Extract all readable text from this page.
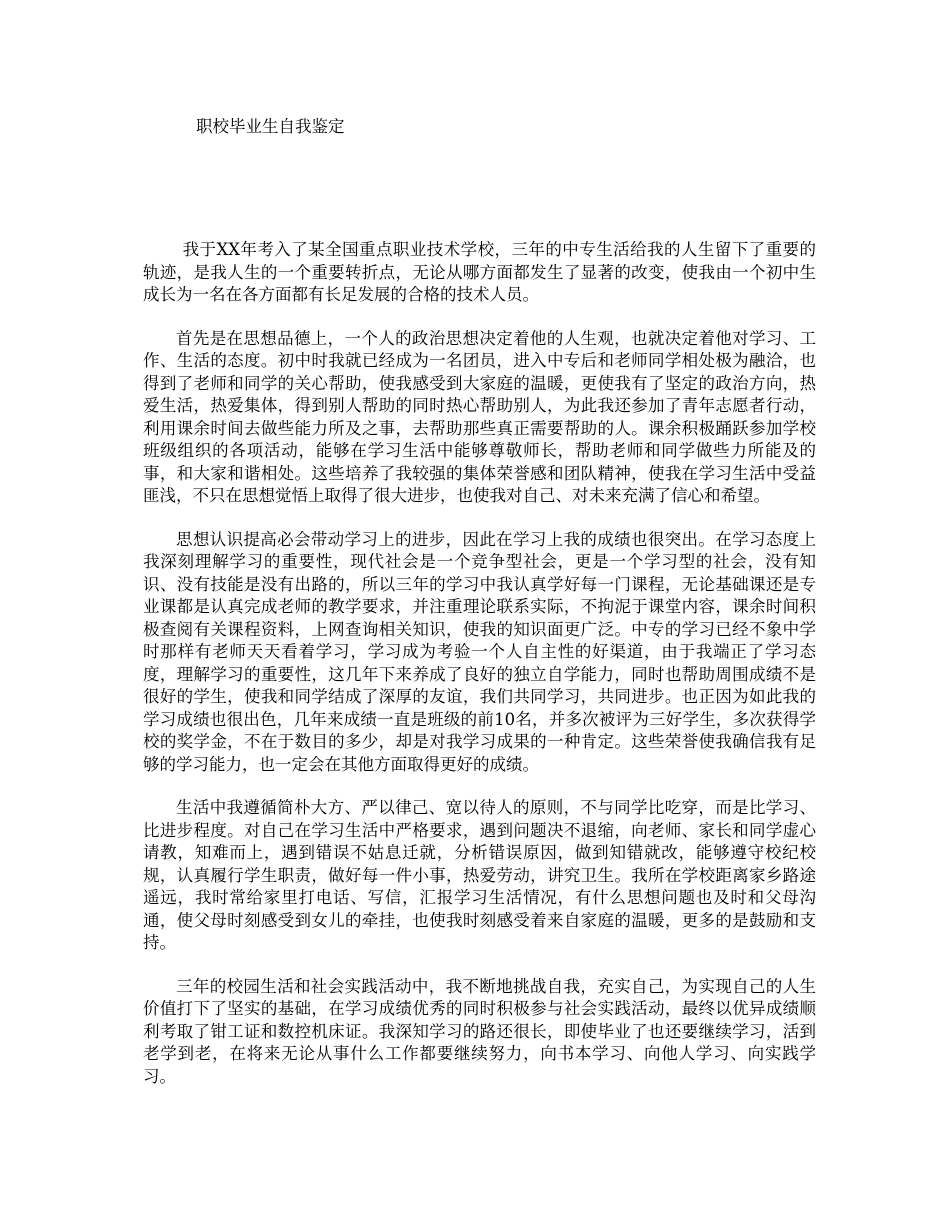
职校毕业生自我鉴定

我于XX年考入了某全国重点职业技术学校，三年的中专生活给我的人生留下了重要的轨迹，是我人生的一个重要转折点，无论从哪方面都发生了显著的改变，使我由一个初中生成长为一名在各方面都有长足发展的合格的技术人员。

首先是在思想品德上，一个人的政治思想决定着他的人生观，也就决定着他对学习、工作、生活的态度。初中时我就已经成为一名团员，进入中专后和老师同学相处极为融洽，也得到了老师和同学的关心帮助，使我感受到大家庭的温暖，更使我有了坚定的政治方向，热爱生活，热爱集体，得到别人帮助的同时热心帮助别人，为此我还参加了青年志愿者行动，利用课余时间去做些能力所及之事，去帮助那些真正需要帮助的人。课余积极踊跃参加学校班级组织的各项活动，能够在学习生活中能够尊敬师长，帮助老师和同学做些力所能及的事，和大家和谐相处。这些培养了我较强的集体荣誉感和团队精神，使我在学习生活中受益匪浅，不只在思想觉悟上取得了很大进步，也使我对自己、对未来充满了信心和希望。

思想认识提高必会带动学习上的进步，因此在学习上我的成绩也很突出。在学习态度上我深刻理解学习的重要性，现代社会是一个竞争型社会，更是一个学习型的社会，没有知识、没有技能是没有出路的，所以三年的学习中我认真学好每一门课程，无论基础课还是专业课都是认真完成老师的教学要求，并注重理论联系实际，不拘泥于课堂内容，课余时间积极查阅有关课程资料，上网查询相关知识，使我的知识面更广泛。中专的学习已经不象中学时那样有老师天天看着学习，学习成为考验一个人自主性的好渠道，由于我端正了学习态度，理解学习的重要性，这几年下来养成了良好的独立自学能力，同时也帮助周围成绩不是很好的学生，使我和同学结成了深厚的友谊，我们共同学习，共同进步。也正因为如此我的学习成绩也很出色，几年来成绩一直是班级的前10名，并多次被评为三好学生，多次获得学校的奖学金，不在于数目的多少，却是对我学习成果的一种肯定。这些荣誉使我确信我有足够的学习能力，也一定会在其他方面取得更好的成绩。

生活中我遵循简朴大方、严以律己、宽以待人的原则，不与同学比吃穿，而是比学习、比进步程度。对自己在学习生活中严格要求，遇到问题决不退缩，向老师、家长和同学虚心请教，知难而上，遇到错误不姑息迁就，分析错误原因，做到知错就改，能够遵守校纪校规，认真履行学生职责，做好每一件小事，热爱劳动，讲究卫生。我所在学校距离家乡路途遥远，我时常给家里打电话、写信，汇报学习生活情况，有什么思想问题也及时和父母沟通，使父母时刻感受到女儿的牵挂，也使我时刻感受着来自家庭的温暖，更多的是鼓励和支持。

三年的校园生活和社会实践活动中，我不断地挑战自我，充实自己，为实现自己的人生价值打下了坚实的基础，在学习成绩优秀的同时积极参与社会实践活动，最终以优异成绩顺利考取了钳工证和数控机床证。我深知学习的路还很长，即使毕业了也还要继续学习，活到老学到老，在将来无论从事什么工作都要继续努力，向书本学习、向他人学习、向实践学习。
